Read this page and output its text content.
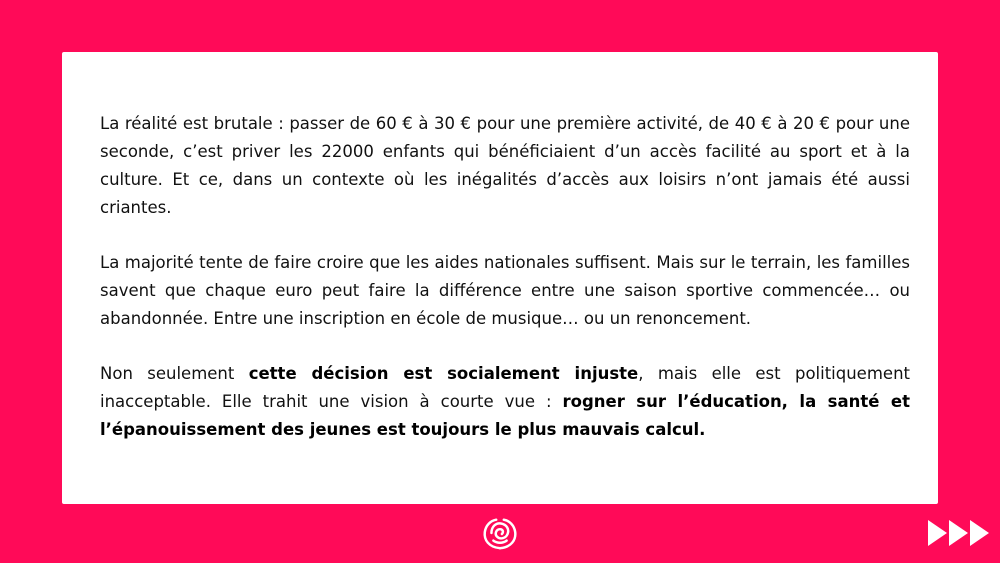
La réalité est brutale : passer de 60 € à 30 € pour une première activité, de 40 € à 20 € pour une seconde, c’est priver les 22000 enfants qui bénéficiaient d’un accès facilité au sport et à la culture. Et ce, dans un contexte où les inégalités d’accès aux loisirs n’ont jamais été aussi criantes.

La majorité tente de faire croire que les aides nationales suffisent. Mais sur le terrain, les familles savent que chaque euro peut faire la différence entre une saison sportive commencée… ou abandonnée. Entre une inscription en école de musique… ou un renoncement.

Non seulement cette décision est socialement injuste, mais elle est politiquement inacceptable. Elle trahit une vision à courte vue : rogner sur l’éducation, la santé et l’épanouissement des jeunes est toujours le plus mauvais calcul.
